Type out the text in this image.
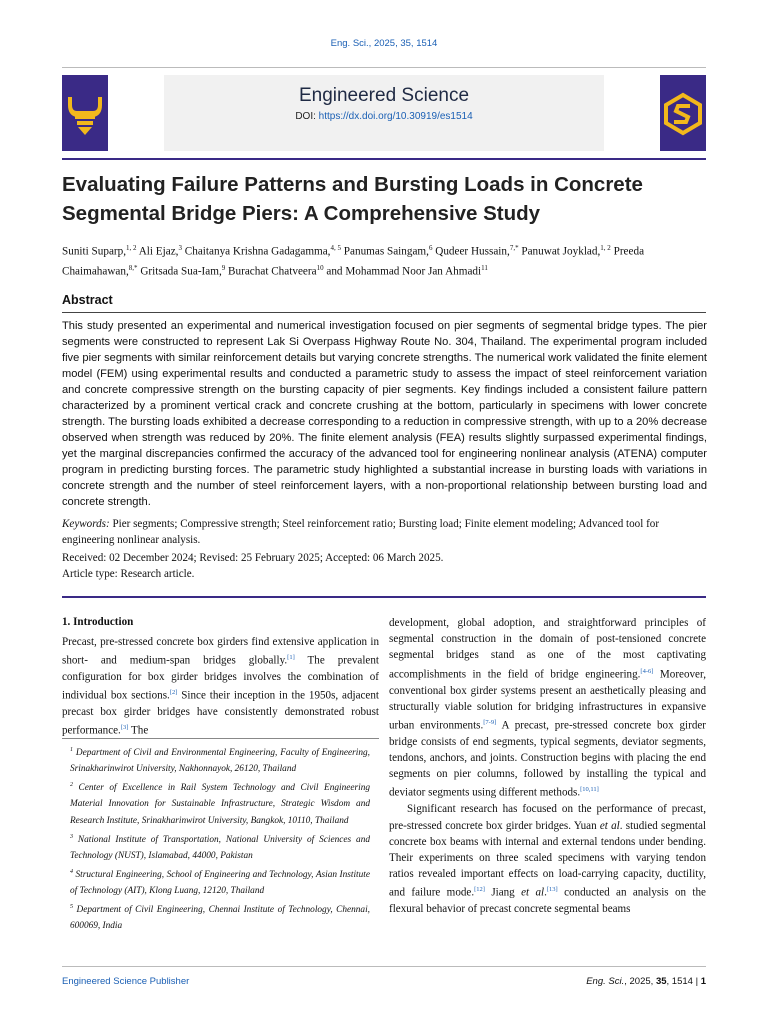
Eng. Sci., 2025, 35, 1514
Engineered Science
DOI: https://dx.doi.org/10.30919/es1514
Evaluating Failure Patterns and Bursting Loads in Concrete Segmental Bridge Piers: A Comprehensive Study
Suniti Suparp,$^{1, 2}$ Ali Ejaz,$^3$ Chaitanya Krishna Gadagamma,$^{4, 5}$ Panumas Saingam,$^6$ Qudeer Hussain,$^{7,*}$ Panuwat Joyklad,$^{1, 2}$ Preeda Chaimahawan,$^{8,*}$ Gritsada Sua-Iam,$^9$ Burachat Chatveera$^{10}$ and Mohammad Noor Jan Ahmadi$^{11}$
Abstract
This study presented an experimental and numerical investigation focused on pier segments of segmental bridge types. The pier segments were constructed to represent Lak Si Overpass Highway Route No. 304, Thailand. The experimental program included five pier segments with similar reinforcement details but varying concrete strengths. The numerical work validated the finite element model (FEM) using experimental results and conducted a parametric study to assess the impact of steel reinforcement variation and concrete compressive strength on the bursting capacity of pier segments. Key findings included a consistent failure pattern characterized by a prominent vertical crack and concrete crushing at the bottom, particularly in specimens with lower concrete strength. The bursting loads exhibited a decrease corresponding to a reduction in compressive strength, with up to a 20% decrease observed when strength was reduced by 20%. The finite element analysis (FEA) results slightly surpassed experimental findings, yet the marginal discrepancies confirmed the accuracy of the advanced tool for engineering nonlinear analysis (ATENA) computer program in predicting bursting forces. The parametric study highlighted a substantial increase in bursting loads with variations in concrete strength and the number of steel reinforcement layers, with a non-proportional relationship between bursting load and concrete strength.
Keywords: Pier segments; Compressive strength; Steel reinforcement ratio; Bursting load; Finite element modeling; Advanced tool for engineering nonlinear analysis.
Received: 02 December 2024; Revised: 25 February 2025; Accepted: 06 March 2025.
Article type: Research article.
1. Introduction

Precast, pre-stressed concrete box girders find extensive application in short- and medium-span bridges globally.[1] The prevalent configuration for box girder bridges involves the combination of individual box sections.[2] Since their inception in the 1950s, adjacent precast box girder bridges have consistently demonstrated robust performance.[3] The

development, global adoption, and straightforward principles of segmental construction in the domain of post-tensioned concrete segmental bridges stand as one of the most captivating accomplishments in the field of bridge engineering.[4-6] Moreover, conventional box girder systems present an aesthetically pleasing and structurally viable solution for bridging infrastructures in expansive urban environments.[7-9] A precast, pre-stressed concrete box girder bridge consists of end segments, typical segments, deviator segments, tendons, anchors, and joints. Construction begins with placing the end segments on pier columns, followed by installing the typical and deviator segments using different methods.[10,11]

Significant research has focused on the performance of precast, pre-stressed concrete box girder bridges. Yuan et al. studied segmental concrete box beams with internal and external tendons under bending. Their experiments on three scaled specimens with varying tendon ratios revealed important effects on load-carrying capacity, ductility, and failure mode.[12] Jiang et al.[13] conducted an analysis on the flexural behavior of precast concrete segmental beams

$^1$ Department of Civil and Environmental Engineering, Faculty of Engineering, Srinakharinwirot University, Nakhonnayok, 26120, Thailand
$^2$ Center of Excellence in Rail System Technology and Civil Engineering Material Innovation for Sustainable Infrastructure, Strategic Wisdom and Research Institute, Srinakharinwirot University, Bangkok, 10110, Thailand
$^3$ National Institute of Transportation, National University of Sciences and Technology (NUST), Islamabad, 44000, Pakistan
$^4$ Structural Engineering, School of Engineering and Technology, Asian Institute of Technology (AIT), Klong Luang, 12120, Thailand
$^5$ Department of Civil Engineering, Chennai Institute of Technology, Chennai, 600069, India
Engineered Science Publisher	Eng. Sci., 2025, 35, 1514 | 1
